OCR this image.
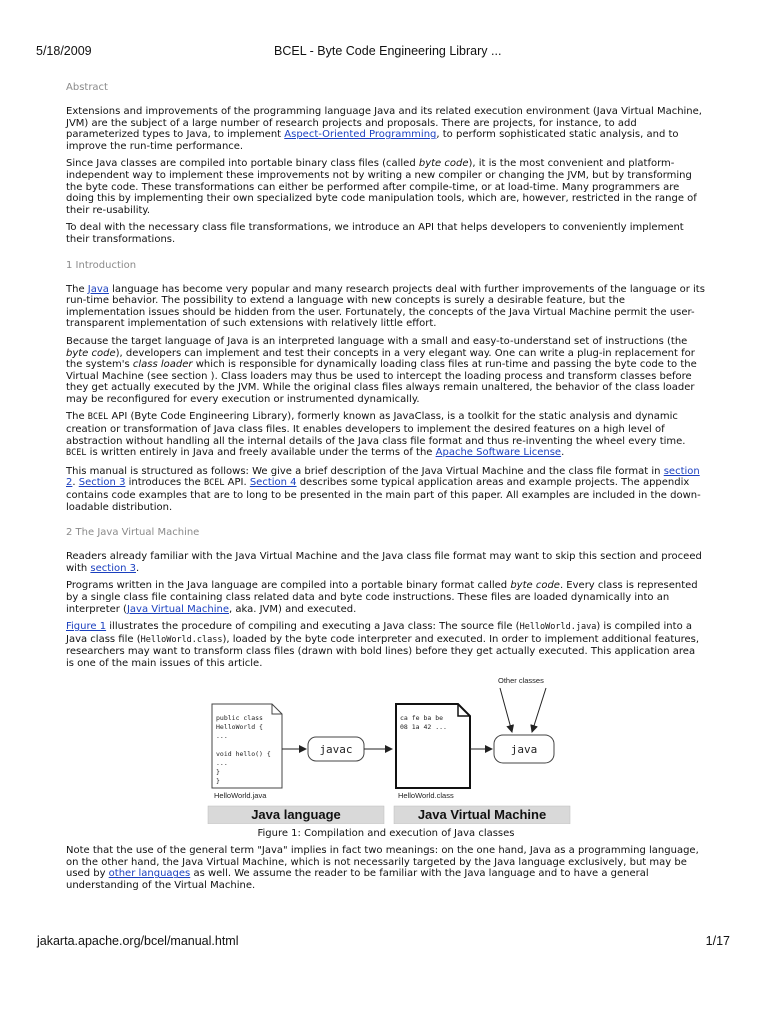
5/18/2009	BCEL - Byte Code Engineering Library ...
Abstract

Extensions and improvements of the programming language Java and its related execution environment (Java Virtual Machine, JVM) are the subject of a large number of research projects and proposals. There are projects, for instance, to add parameterized types to Java, to implement Aspect-Oriented Programming, to perform sophisticated static analysis, and to improve the run-time performance.

Since Java classes are compiled into portable binary class files (called byte code), it is the most convenient and platform-independent way to implement these improvements not by writing a new compiler or changing the JVM, but by transforming the byte code. These transformations can either be performed after compile-time, or at load-time. Many programmers are doing this by implementing their own specialized byte code manipulation tools, which are, however, restricted in the range of their re-usability.

To deal with the necessary class file transformations, we introduce an API that helps developers to conveniently implement their transformations.

1 Introduction

The Java language has become very popular and many research projects deal with further improvements of the language or its run-time behavior. The possibility to extend a language with new concepts is surely a desirable feature, but the implementation issues should be hidden from the user. Fortunately, the concepts of the Java Virtual Machine permit the user-transparent implementation of such extensions with relatively little effort.

Because the target language of Java is an interpreted language with a small and easy-to-understand set of instructions (the byte code), developers can implement and test their concepts in a very elegant way. One can write a plug-in replacement for the system's class loader which is responsible for dynamically loading class files at run-time and passing the byte code to the Virtual Machine (see section ). Class loaders may thus be used to intercept the loading process and transform classes before they get actually executed by the JVM. While the original class files always remain unaltered, the behavior of the class loader may be reconfigured for every execution or instrumented dynamically.

The BCEL API (Byte Code Engineering Library), formerly known as JavaClass, is a toolkit for the static analysis and dynamic creation or transformation of Java class files. It enables developers to implement the desired features on a high level of abstraction without handling all the internal details of the Java class file format and thus re-inventing the wheel every time. BCEL is written entirely in Java and freely available under the terms of the Apache Software License.

This manual is structured as follows: We give a brief description of the Java Virtual Machine and the class file format in section 2. Section 3 introduces the BCEL API. Section 4 describes some typical application areas and example projects. The appendix contains code examples that are to long to be presented in the main part of this paper. All examples are included in the down-loadable distribution.

2 The Java Virtual Machine

Readers already familiar with the Java Virtual Machine and the Java class file format may want to skip this section and proceed with section 3.

Programs written in the Java language are compiled into a portable binary format called byte code. Every class is represented by a single class file containing class related data and byte code instructions. These files are loaded dynamically into an interpreter (Java Virtual Machine, aka. JVM) and executed.

Figure 1 illustrates the procedure of compiling and executing a Java class: The source file (HelloWorld.java) is compiled into a Java class file (HelloWorld.class), loaded by the byte code interpreter and executed. In order to implement additional features, researchers may want to transform class files (drawn with bold lines) before they get actually executed. This application area is one of the main issues of this article.

public class HelloWorld { ... void hello() { ... } }
HelloWorld.java
javac
ca fe ba be 08 1a 42 ...
HelloWorld.class
java
Other classes
Java language	Java Virtual Machine

Figure 1: Compilation and execution of Java classes

Note that the use of the general term "Java" implies in fact two meanings: on the one hand, Java as a programming language, on the other hand, the Java Virtual Machine, which is not necessarily targeted by the Java language exclusively, but may be used by other languages as well. We assume the reader to be familiar with the Java language and to have a general understanding of the Virtual Machine.

jakarta.apache.org/bcel/manual.html	1/17
